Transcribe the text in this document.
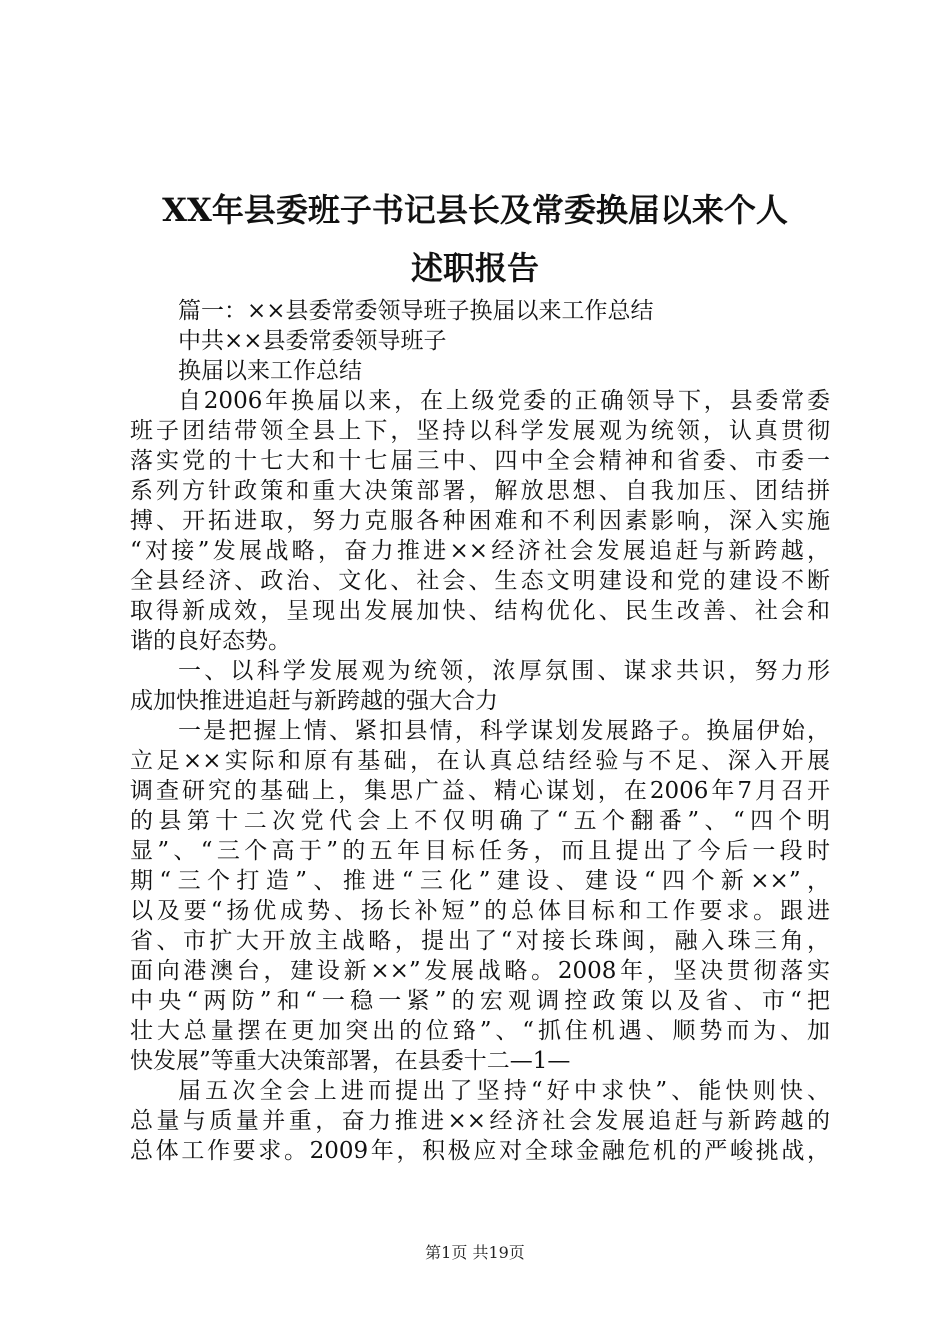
XX年县委班子书记县长及常委换届以来个人
述职报告
篇一：××县委常委领导班子换届以来工作总结
中共××县委常委领导班子
换届以来工作总结
自2006年换届以来，在上级党委的正确领导下，县委常委
班子团结带领全县上下，坚持以科学发展观为统领，认真贯彻
落实党的十七大和十七届三中、四中全会精神和省委、市委一
系列方针政策和重大决策部署，解放思想、自我加压、团结拼
搏、开拓进取，努力克服各种困难和不利因素影响，深入实施
“对接”发展战略，奋力推进××经济社会发展追赶与新跨越，
全县经济、政治、文化、社会、生态文明建设和党的建设不断
取得新成效，呈现出发展加快、结构优化、民生改善、社会和
谐的良好态势。
一、以科学发展观为统领，浓厚氛围、谋求共识，努力形
成加快推进追赶与新跨越的强大合力
一是把握上情、紧扣县情，科学谋划发展路子。换届伊始，
立足××实际和原有基础，在认真总结经验与不足、深入开展
调查研究的基础上，集思广益、精心谋划，在2006年7月召开
的县第十二次党代会上不仅明确了“五个翻番”、“四个明
显”、“三个高于”的五年目标任务，而且提出了今后一段时
期“三个打造”、推进“三化”建设、建设“四个新××”，
以及要“扬优成势、扬长补短”的总体目标和工作要求。跟进
省、市扩大开放主战略，提出了“对接长珠闽，融入珠三角，
面向港澳台，建设新××”发展战略。2008年，坚决贯彻落实
中央“两防”和“一稳一紧”的宏观调控政策以及省、市“把
壮大总量摆在更加突出的位臵”、“抓住机遇、顺势而为、加
快发展”等重大决策部署，在县委十二—1—
届五次全会上进而提出了坚持“好中求快”、能快则快、
总量与质量并重，奋力推进××经济社会发展追赶与新跨越的
总体工作要求。2009年，积极应对全球金融危机的严峻挑战，
第1页 共19页
